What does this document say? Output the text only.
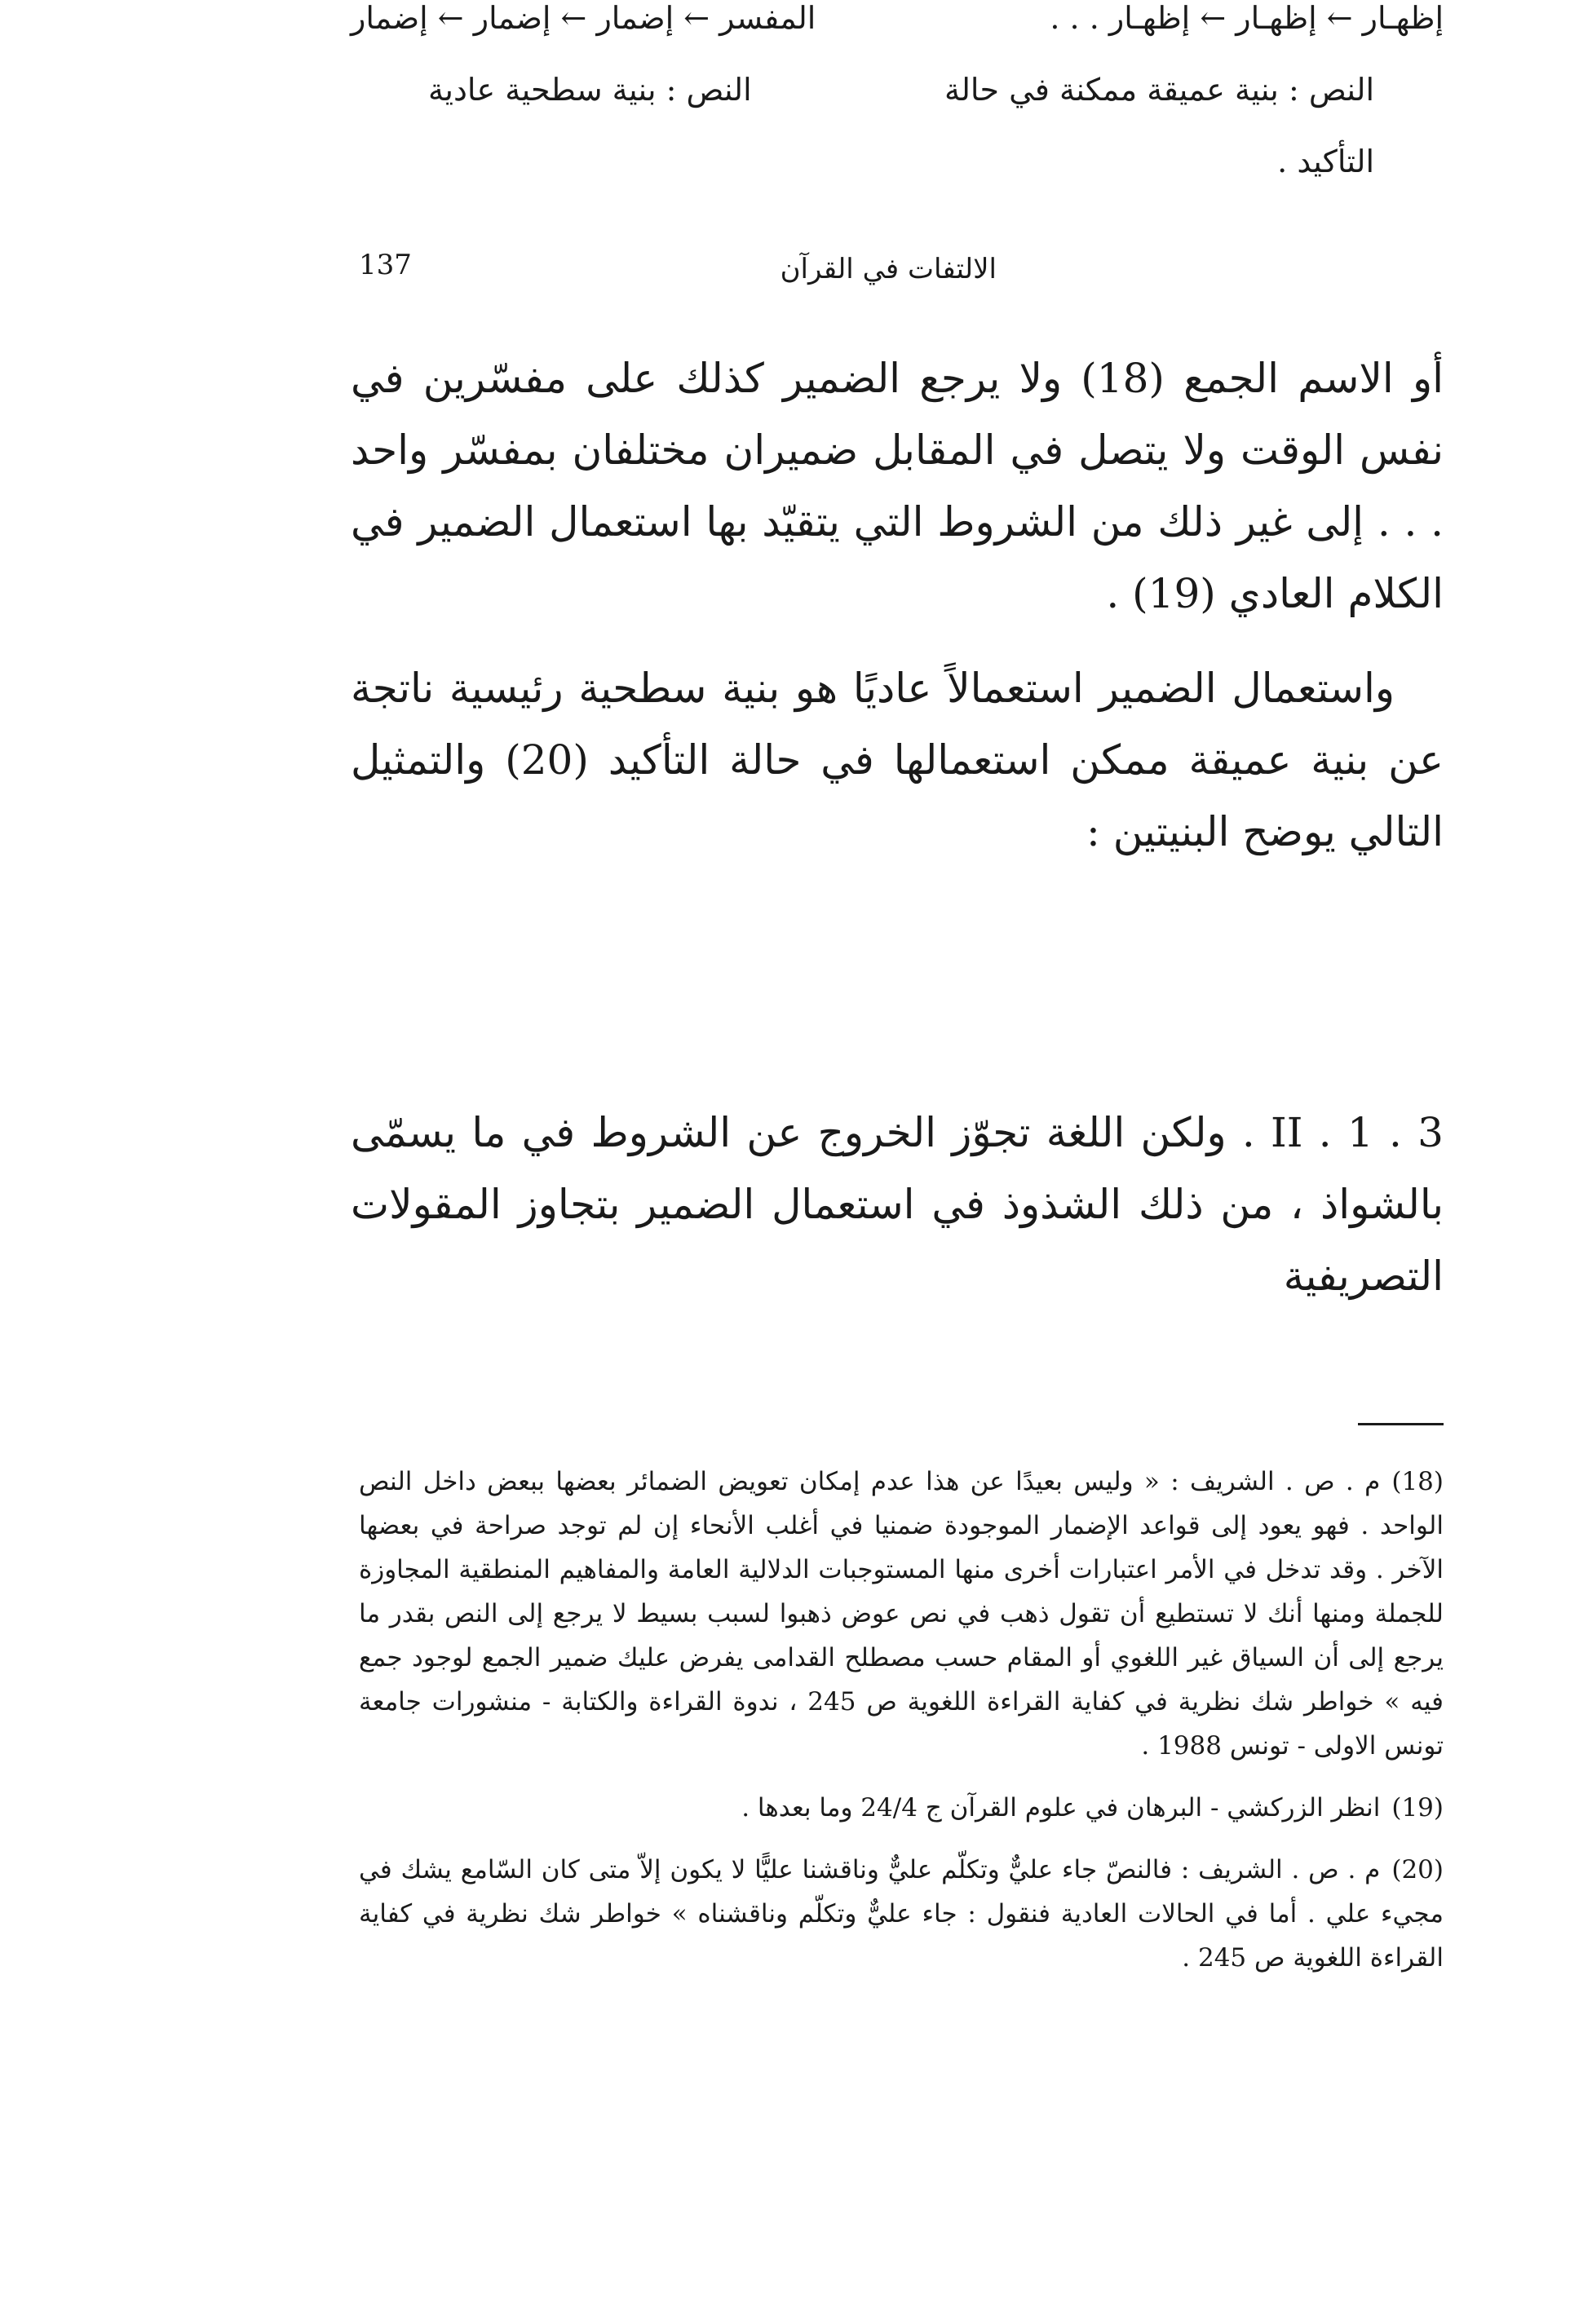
137	الالتفات في القرآن
أو الاسم الجمع (18) ولا يرجع الضمير كذلك على مفسّرين في نفس الوقت ولا يتصل في المقابل ضميران مختلفان بمفسّر واحد . . . إلى غير ذلك من الشروط التي يتقيّد بها استعمال الضمير في الكلام العادي (19) .
واستعمال الضمير استعمالاً عاديًا هو بنية سطحية رئيسية ناتجة عن بنية عميقة ممكن استعمالها في حالة التأكيد (20) والتمثيل التالي يوضح البنيتين :
إظهـار ← إظهـار ← إظهـار . . .
المفسر ← إضمار ← إضمار ← إضمار
النص : بنية عميقة ممكنة في حالة
النص : بنية سطحية عادية
التأكيد .
II . 1 . 3 . ولكن اللغة تجوّز الخروج عن الشروط في ما يسمّى بالشواذ ، من ذلك الشذوذ في استعمال الضمير بتجاوز المقولات التصريفية

(18)م . ص . الشريف : « وليس بعيدًا عن هذا عدم إمكان تعويض الضمائر بعضها ببعض داخل النص الواحد . فهو يعود إلى قواعد الإضمار الموجودة ضمنيا في أغلب الأنحاء إن لم توجد صراحة في بعضها الآخر . وقد تدخل في الأمر اعتبارات أخرى منها المستوجبات الدلالية العامة والمفاهيم المنطقية المجاوزة للجملة ومنها أنك لا تستطيع أن تقول ذهب في نص عوض ذهبوا لسبب بسيط لا يرجع إلى النص بقدر ما يرجع إلى أن السياق غير اللغوي أو المقام حسب مصطلح القدامى يفرض عليك ضمير الجمع لوجود جمع فيه » خواطر شك نظرية في كفاية القراءة اللغوية ص 245 ، ندوة القراءة والكتابة - منشورات جامعة تونس الاولى - تونس 1988 .

(19)انظر الزركشي - البرهان في علوم القرآن ج 24/4 وما بعدها .

(20)م . ص . الشريف : فالنصّ جاء عليٌّ وتكلّم عليٌّ وناقشنا عليًّا لا يكون إلاّ متى كان السّامع يشك في مجيء علي . أما في الحالات العادية فنقول : جاء عليٌّ وتكلّم وناقشناه » خواطر شك نظرية في كفاية القراءة اللغوية ص 245 .
